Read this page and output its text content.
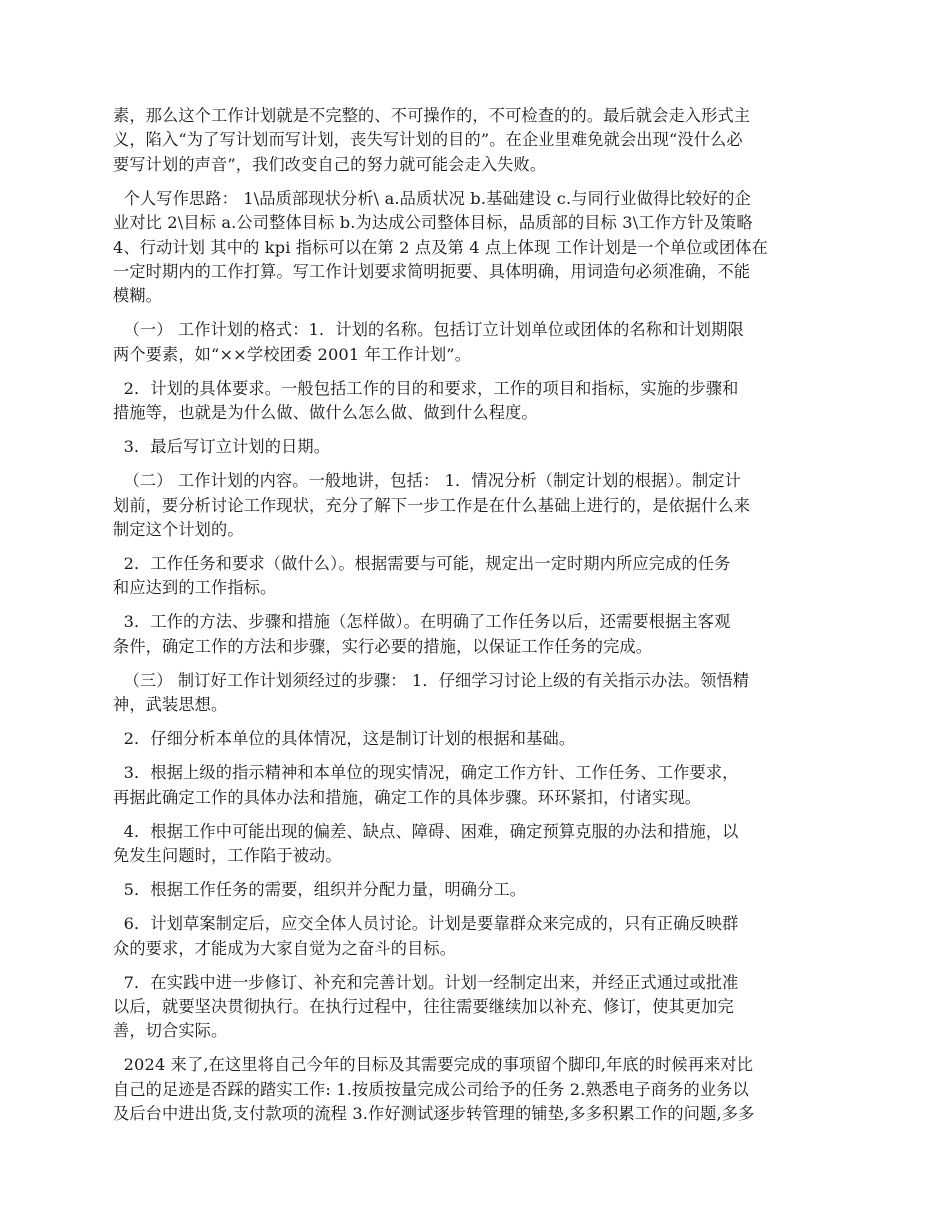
素，那么这个工作计划就是不完整的、不可操作的，不可检查的的。最后就会走入形式主
义，陷入“为了写计划而写计划，丧失写计划的目的”。在企业里难免就会出现“没什么必
要写计划的声音”，我们改变自己的努力就可能会走入失败。
个人写作思路： 1\品质部现状分析\ a.品质状况 b.基础建设 c.与同行业做得比较好的企
业对比 2\目标 a.公司整体目标 b.为达成公司整体目标，品质部的目标 3\工作方针及策略
4、行动计划 其中的 kpi 指标可以在第 2 点及第 4 点上体现 工作计划是一个单位或团体在
一定时期内的工作打算。写工作计划要求简明扼要、具体明确，用词造句必须准确，不能
模糊。
（一） 工作计划的格式：1．计划的名称。包括订立计划单位或团体的名称和计划期限
两个要素，如“××学校团委 2001 年工作计划”。
2．计划的具体要求。一般包括工作的目的和要求，工作的项目和指标，实施的步骤和
措施等，也就是为什么做、做什么怎么做、做到什么程度。
3．最后写订立计划的日期。
（二） 工作计划的内容。一般地讲，包括： 1．情况分析（制定计划的根据）。制定计
划前，要分析讨论工作现状，充分了解下一步工作是在什么基础上进行的，是依据什么来
制定这个计划的。
2．工作任务和要求（做什么）。根据需要与可能，规定出一定时期内所应完成的任务
和应达到的工作指标。
3．工作的方法、步骤和措施（怎样做）。在明确了工作任务以后，还需要根据主客观
条件，确定工作的方法和步骤，实行必要的措施，以保证工作任务的完成。
（三） 制订好工作计划须经过的步骤： 1．仔细学习讨论上级的有关指示办法。领悟精
神，武装思想。
2．仔细分析本单位的具体情况，这是制订计划的根据和基础。
3．根据上级的指示精神和本单位的现实情况，确定工作方针、工作任务、工作要求，
再据此确定工作的具体办法和措施，确定工作的具体步骤。环环紧扣，付诸实现。
4．根据工作中可能出现的偏差、缺点、障碍、困难，确定预算克服的办法和措施，以
免发生问题时，工作陷于被动。
5．根据工作任务的需要，组织并分配力量，明确分工。
6．计划草案制定后，应交全体人员讨论。计划是要靠群众来完成的，只有正确反映群
众的要求，才能成为大家自觉为之奋斗的目标。
7．在实践中进一步修订、补充和完善计划。计划一经制定出来，并经正式通过或批准
以后，就要坚决贯彻执行。在执行过程中，往往需要继续加以补充、修订，使其更加完
善，切合实际。
2024 来了,在这里将自己今年的目标及其需要完成的事项留个脚印,年底的时候再来对比
自己的足迹是否踩的踏实工作: 1.按质按量完成公司给予的任务 2.熟悉电子商务的业务以
及后台中进出货,支付款项的流程 3.作好测试逐步转管理的铺垫,多多积累工作的问题,多多
